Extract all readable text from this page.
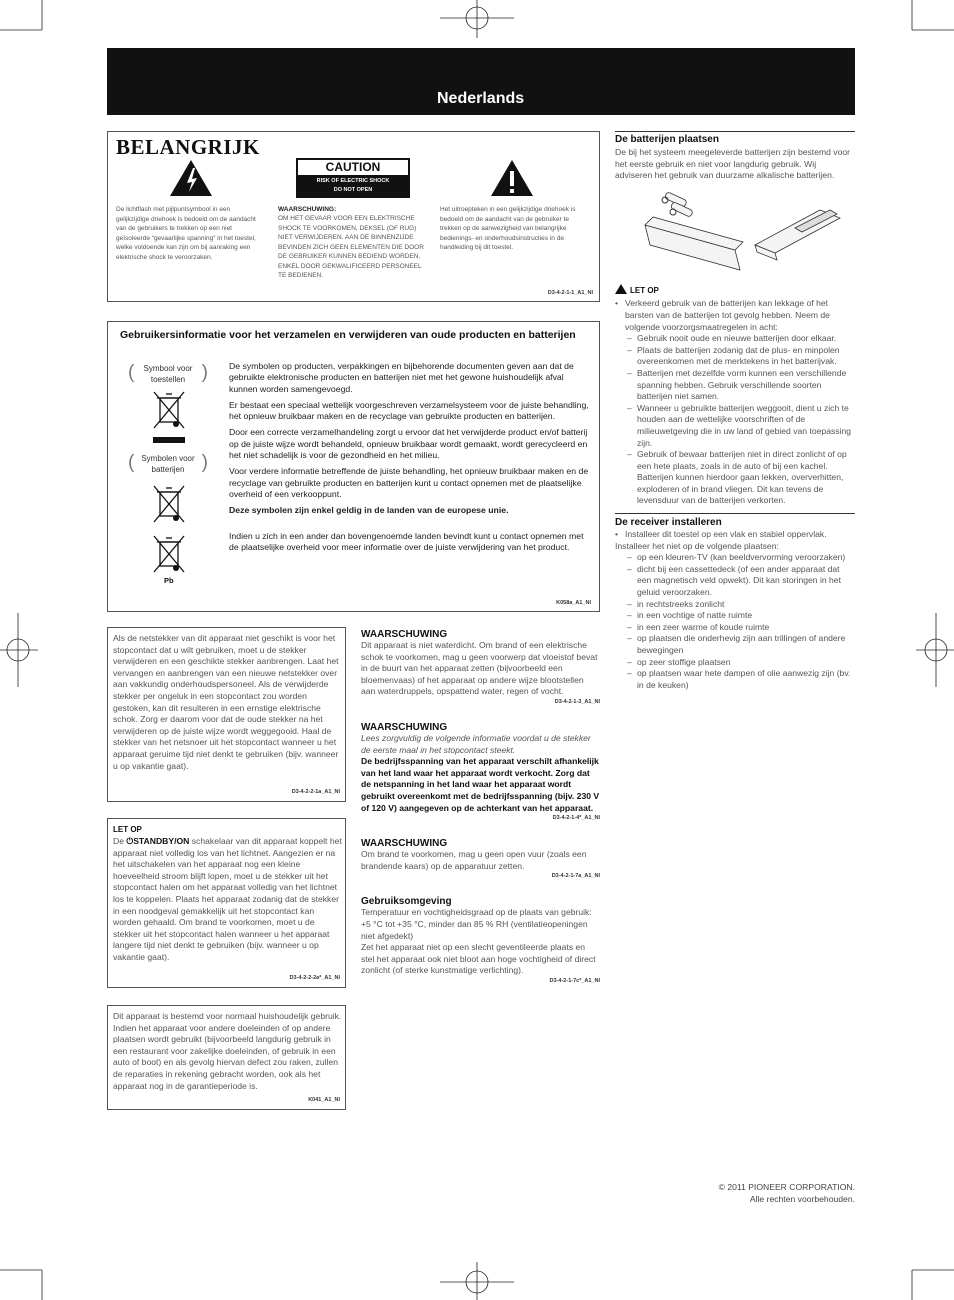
Nederlands
BELANGRIJK
CAUTION
RISK OF ELECTRIC SHOCK
DO NOT OPEN
De lichtflash met pijlpuntsymbool in een gelijkzijdige driehoek is bedoeld om de aandacht van de gebruikers te trekken op een niet geïsoleerde “gevaarlijke spanning” in het toestel, welke voldoende kan zijn om bij aanraking een elektrische shock te veroorzaken.
WAARSCHUWING:
OM HET GEVAAR VOOR EEN ELEKTRISCHE SHOCK TE VOORKOMEN, DEKSEL (OF RUG) NIET VERWIJDEREN. AAN DE BINNENZIJDE BEVINDEN ZICH GEEN ELEMENTEN DIE DOOR DE GEBRUIKER KUNNEN BEDIEND WORDEN. ENKEL DOOR GEKWALIFICEERD PERSONEEL TE BEDIENEN.
Het uitroepteken in een gelijkzijdige driehoek is bedoeld om de aandacht van de gebruiker te trekken op de aanwezigheid van belangrijke bedienings- en onderhoudsinstructies in de handleiding bij dit toestel.
D3-4-2-1-1_A1_Nl
Gebruikersinformatie voor het verzamelen en verwijderen van oude producten en batterijen
(	Symbool voor toestellen )
( Symbolen voor batterijen )
Pb
De symbolen op producten, verpakkingen en bijbehorende documenten geven aan dat de gebruikte elektronische producten en batterijen niet met het gewone huishoudelijk afval kunnen worden samengevoegd.
Er bestaat een speciaal wettelijk voorgeschreven verzamelsysteem voor de juiste behandling, het opnieuw bruikbaar maken en de recyclage van gebruikte producten en batterijen.
Door een correcte verzamelhandeling zorgt u ervoor dat het verwijderde product en/of batterij op de juiste wijze wordt behandeld, opnieuw bruikbaar wordt gemaakt, wordt gerecycleerd en het niet schadelijk is voor de gezondheid en het milieu.
Voor verdere informatie betreffende de juiste behandling, het opnieuw bruikbaar maken en de recyclage van gebruikte producten en batterijen kunt u contact opnemen met de plaatselijke overheid of een verkooppunt.
Deze symbolen zijn enkel geldig in de landen van de europese unie.
Indien u zich in een ander dan bovengenoemde landen bevindt kunt u contact opnemen met de plaatselijke overheid voor meer informatie over de juiste verwijdering van het product.
K058a_A1_Nl
Als de netstekker van dit apparaat niet geschikt is voor het stopcontact dat u wilt gebruiken, moet u de stekker verwijderen en een geschikte stekker aanbrengen. Laat het vervangen en aanbrengen van een nieuwe netstekker over aan vakkundig onderhoudspersoneel. Als de verwijderde stekker per ongeluk in een stopcontact zou worden gestoken, kan dit resulteren in een ernstige elektrische schok. Zorg er daarom voor dat de oude stekker na het verwijderen op de juiste wijze wordt weggegooid. Haal de stekker van het netsnoer uit het stopcontact wanneer u het apparaat geruime tijd niet denkt te gebruiken (bijv. wanneer u op vakantie gaat).
D3-4-2-2-1a_A1_Nl
LET OP
De ⏻STANDBY/ON schakelaar van dit apparaat koppelt het apparaat niet volledig los van het lichtnet. Aangezien er na het uitschakelen van het apparaat nog een kleine hoeveelheid stroom blijft lopen, moet u de stekker uit het stopcontact halen om het apparaat volledig van het lichtnet los te koppelen. Plaats het apparaat zodanig dat de stekker in een noodgeval gemakkelijk uit het stopcontact kan worden gehaald. Om brand te voorkomen, moet u de stekker uit het stopcontact halen wanneer u het apparaat langere tijd niet denkt te gebruiken (bijv. wanneer u op vakantie gaat).
D3-4-2-2-2a*_A1_Nl
Dit apparaat is bestemd voor normaal huishoudelijk gebruik. Indien het apparaat voor andere doeleinden of op andere plaatsen wordt gebruikt (bijvoorbeeld langdurig gebruik in een restaurant voor zakelijke doeleinden, of gebruik in een auto of boot) en als gevolg hiervan defect zou raken, zullen de reparaties in rekening gebracht worden, ook als het apparaat nog in de garantieperiode is.
K041_A1_Nl
WAARSCHUWING
Dit apparaat is niet waterdicht. Om brand of een elektrische schok te voorkomen, mag u geen voorwerp dat vloeistof bevat in de buurt van het apparaat zetten (bijvoorbeeld een bloemenvaas) of het apparaat op andere wijze blootstellen aan waterdruppels, opspattend water, regen of vocht.
D3-4-2-1-3_A1_Nl
WAARSCHUWING
Lees zorgvuldig de volgende informatie voordat u de stekker de eerste maal in het stopcontact steekt.
De bedrijfsspanning van het apparaat verschilt afhankelijk van het land waar het apparaat wordt verkocht. Zorg dat de netspanning in het land waar het apparaat wordt gebruikt overeenkomt met de bedrijfsspanning (bijv. 230 V of 120 V) aangegeven op de achterkant van het apparaat.
D3-4-2-1-4*_A1_Nl
WAARSCHUWING
Om brand te voorkomen, mag u geen open vuur (zoals een brandende kaars) op de apparatuur zetten.
D3-4-2-1-7a_A1_Nl
Gebruiksomgeving
Temperatuur en vochtigheidsgraad op de plaats van gebruik:
+5 °C tot +35 °C, minder dan 85 % RH (ventilatieopeningen niet afgedekt)
Zet het apparaat niet op een slecht geventileerde plaats en stel het apparaat ook niet bloot aan hoge vochtigheid of direct zonlicht (of sterke kunstmatige verlichting).
D3-4-2-1-7c*_A1_Nl
De batterijen plaatsen
De bij het systeem meegeleverde batterijen zijn bestemd voor het eerste gebruik en niet voor langdurig gebruik. Wij adviseren het gebruik van duurzame alkalische batterijen.
LET OP
• Verkeerd gebruik van de batterijen kan lekkage of het barsten van de batterijen tot gevolg hebben. Neem de volgende voorzorgsmaatregelen in acht:
– Gebruik nooit oude en nieuwe batterijen door elkaar.
– Plaats de batterijen zodanig dat de plus- en minpolen overeenkomen met de merktekens in het batterijvak.
– Batterijen met dezelfde vorm kunnen een verschillende spanning hebben. Gebruik verschillende soorten batterijen niet samen.
– Wanneer u gebruikte batterijen weggooit, dient u zich te houden aan de wettelijke voorschriften of de milieuwetgeving die in uw land of gebied van toepassing zijn.
– Gebruik of bewaar batterijen niet in direct zonlicht of op een hete plaats, zoals in de auto of bij een kachel. Batterijen kunnen hierdoor gaan lekken, oververhitten, exploderen of in brand vliegen. Dit kan tevens de levensduur van de batterijen verkorten.
De receiver installeren
• Installeer dit toestel op een vlak en stabiel oppervlak.
Installeer het niet op de volgende plaatsen:
– op een kleuren-TV (kan beeldvervorming veroorzaken)
– dicht bij een cassettedeck (of een ander apparaat dat een magnetisch veld opwekt). Dit kan storingen in het geluid veroorzaken.
– in rechtstreeks zonlicht
– in een vochtige of natte ruimte
– in een zeer warme of koude ruimte
– op plaatsen die onderhevig zijn aan trillingen of andere bewegingen
– op zeer stoffige plaatsen
– op plaatsen waar hete dampen of olie aanwezig zijn (bv. in de keuken)
© 2011 PIONEER CORPORATION.
Alle rechten voorbehouden.
